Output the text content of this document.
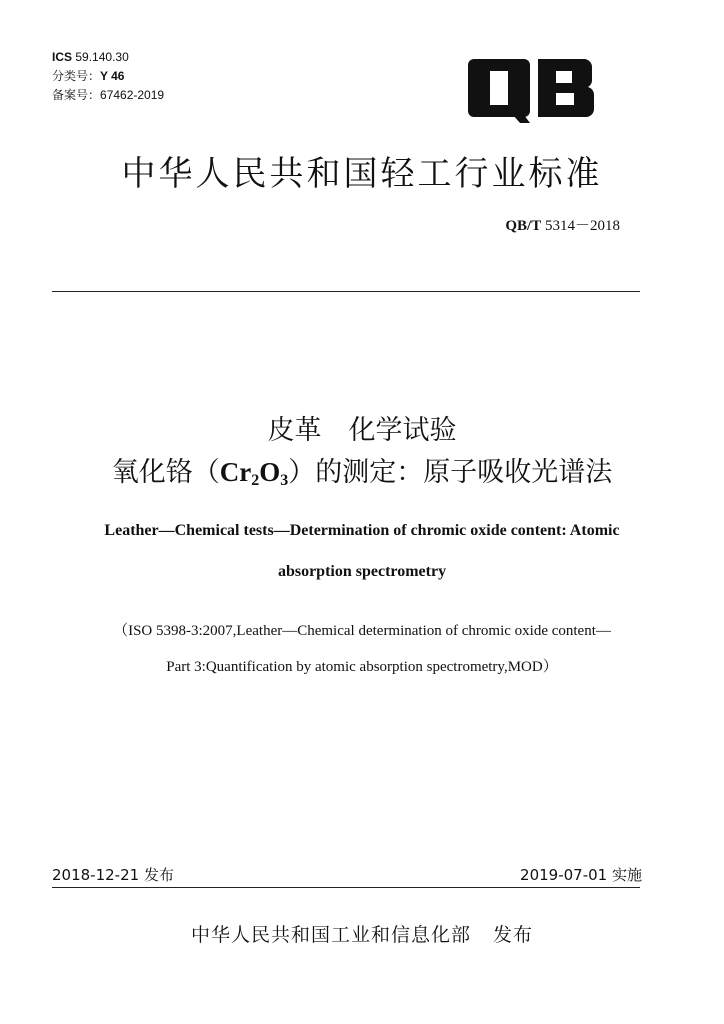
ICS 59.140.30
分类号：Y 46
备案号：67462-2019
QB
中华人民共和国轻工行业标准
QB/T 5314－2018
皮革　化学试验
氧化铬$(Cr_2O_3)$的测定：原子吸收光谱法
Leather—Chemical tests—Determination of chromic oxide content: Atomic
absorption spectrometry
（ISO 5398-3:2007,Leather—Chemical determination of chromic oxide content—
Part 3:Quantification by atomic absorption spectrometry,MOD）
2018-12-21 发布	2019-07-01 实施
中华人民共和国工业和信息化部 发布
